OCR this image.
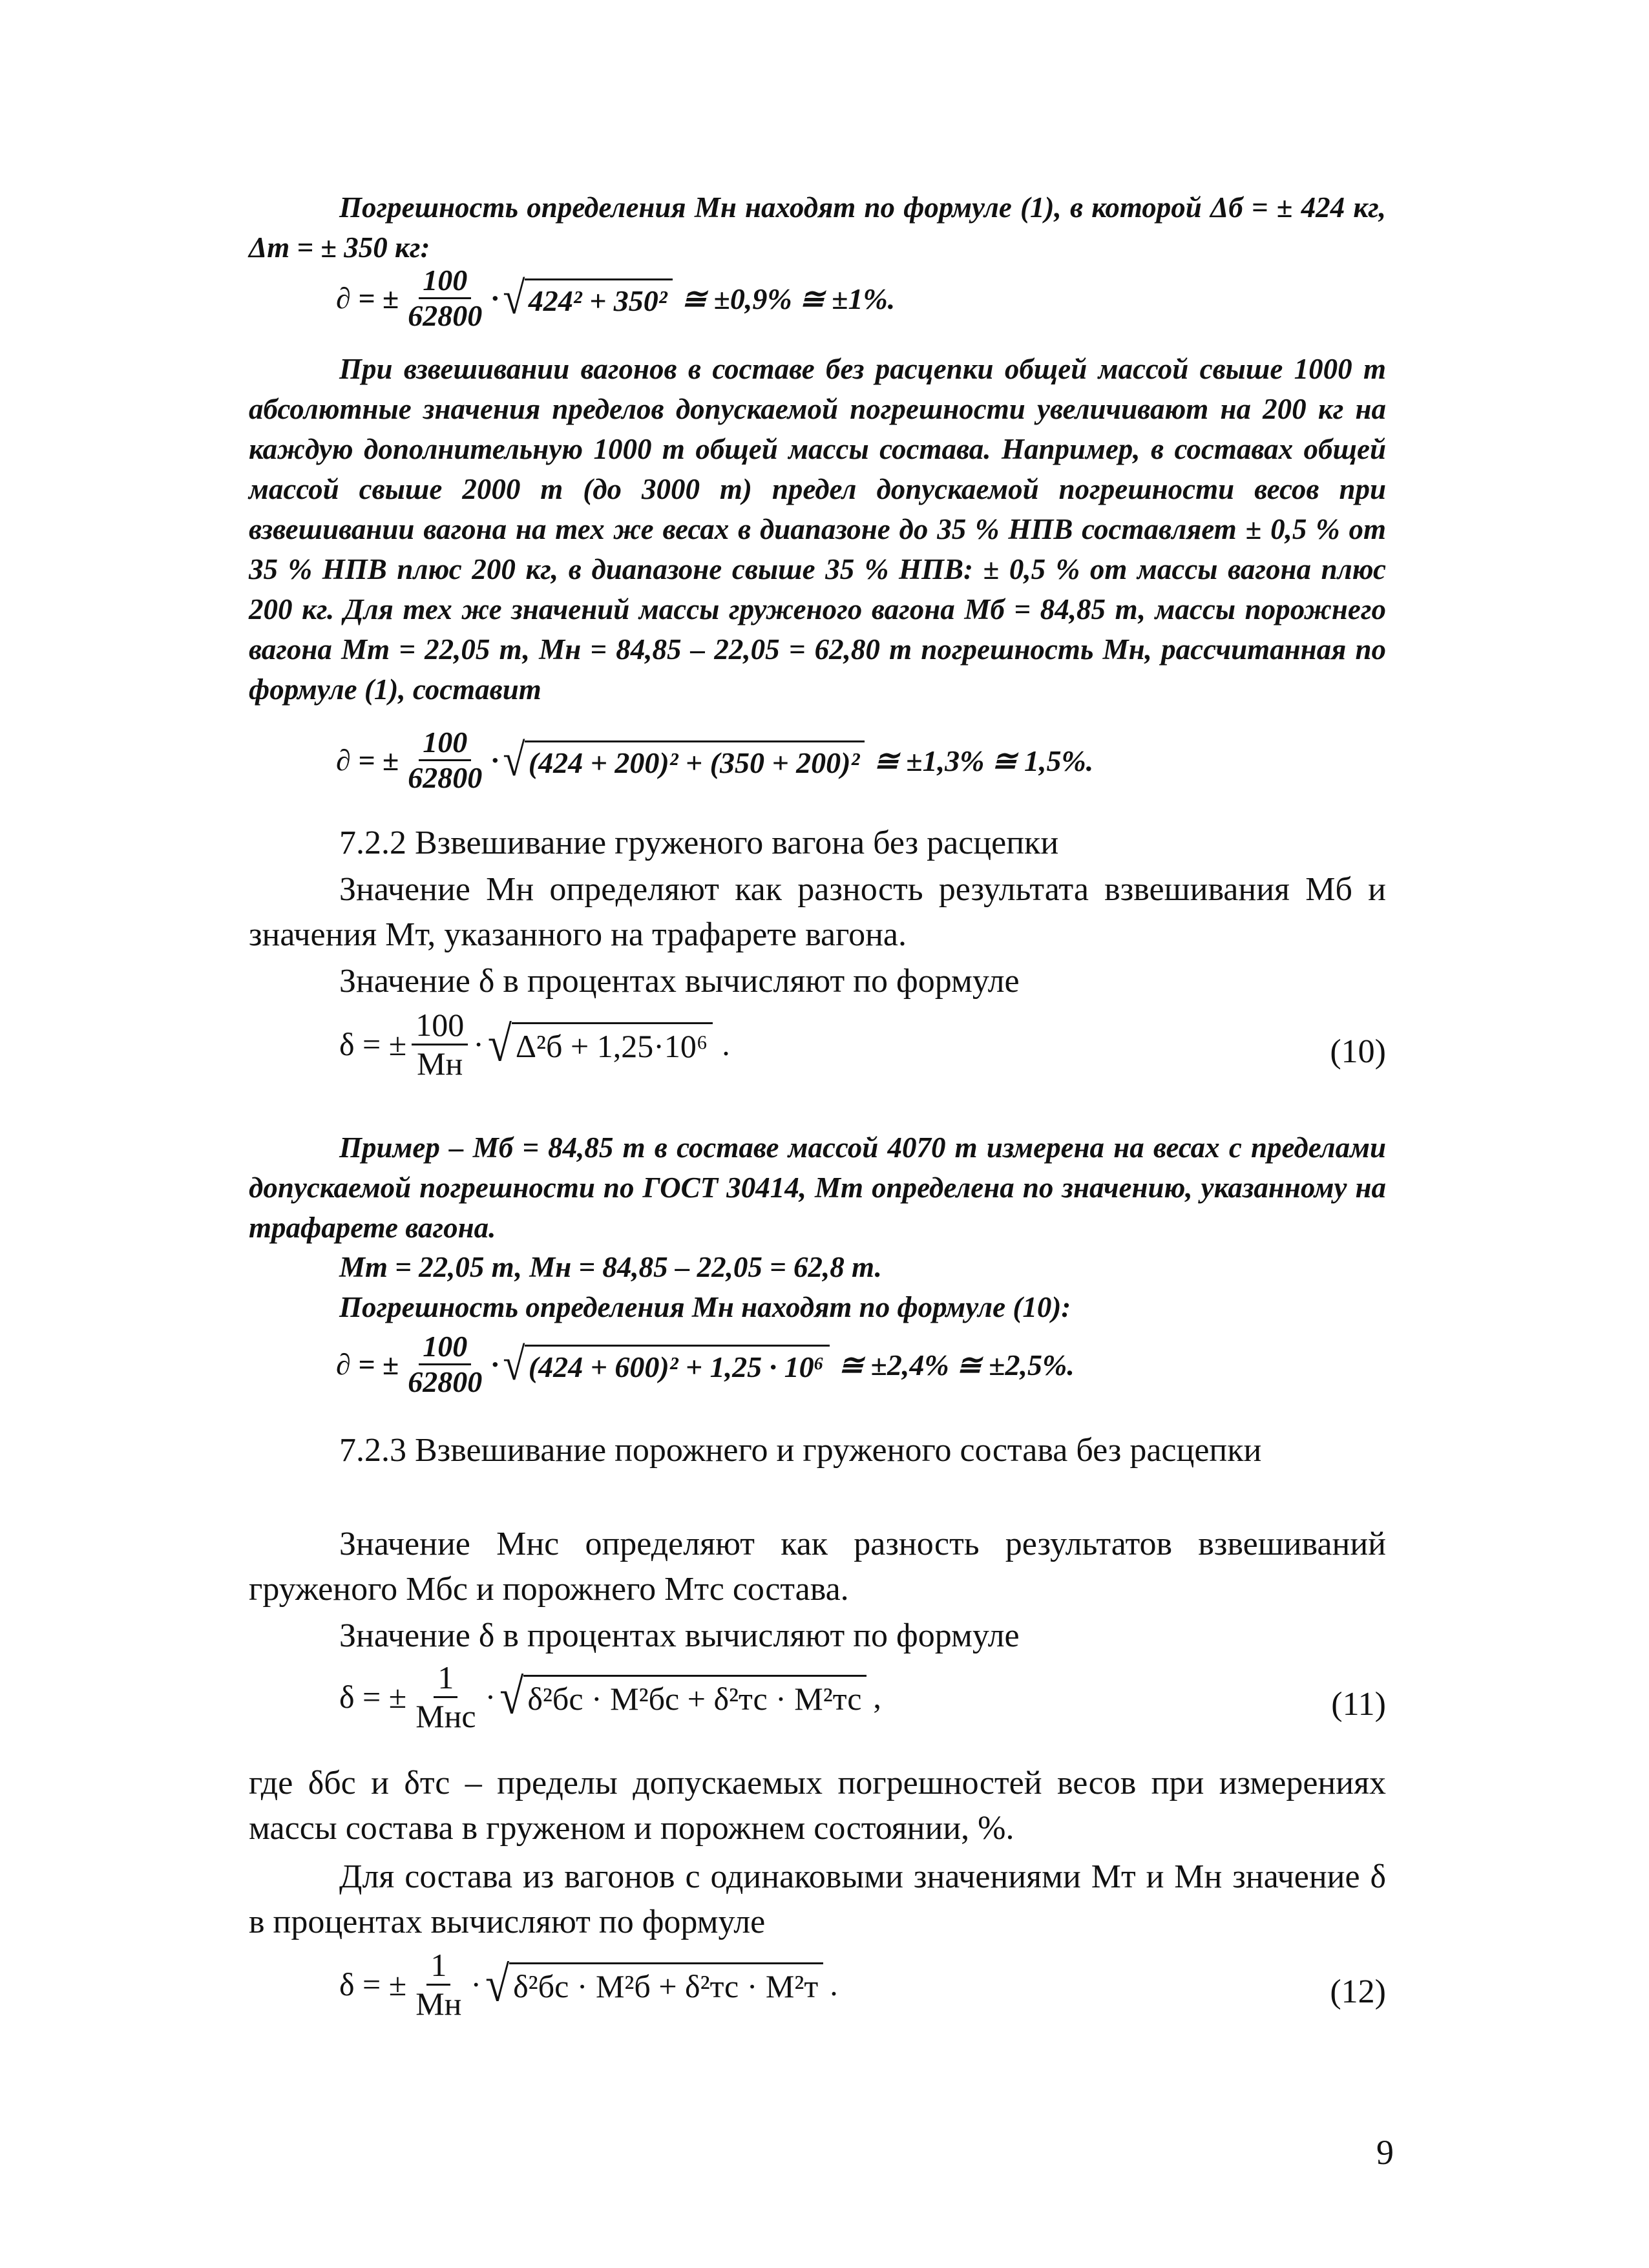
Погрешность определения Mн находят по формуле (1), в которой Δб = ± 424 кг, Δт = ± 350 кг:
∂ = ± $\frac{100}{62800}$ · √ 424² + 350² ≅ ±0,9% ≅ ±1%.
При взвешивании вагонов в составе без расцепки общей массой свыше 1000 т абсолютные значения пределов допускаемой погрешности увеличивают на 200 кг на каждую дополнительную 1000 т общей массы состава. Например, в составах общей массой свыше 2000 т (до 3000 т) предел допускаемой погрешности весов при взвешивании вагона на тех же весах в диапазоне до 35 % НПВ составляет ± 0,5 % от 35 % НПВ плюс 200 кг, в диапазоне свыше 35 % НПВ: ± 0,5 % от массы вагона плюс 200 кг. Для тех же значений массы груженого вагона Mб = 84,85 т, массы порожнего вагона Mт = 22,05 т, Mн = 84,85 – 22,05 = 62,80 т погрешность Mн, рассчитанная по формуле (1), составит
∂ = ± $\frac{100}{62800}$ · √ (424 + 200)² + (350 + 200)² ≅ ±1,3% ≅ 1,5%.
7.2.2 Взвешивание груженого вагона без расцепки
Значение Mн определяют как разность результата взвешивания Mб и значения Mт, указанного на трафарете вагона.
Значение δ в процентах вычисляют по формуле
δ = ± $\frac{100}{Mн}$ · √ Δ²б + 1,25·10⁶ .	(10)
Пример – Mб = 84,85 т в составе массой 4070 т измерена на весах с пределами допускаемой погрешности по ГОСТ 30414, Mт определена по значению, указанному на трафарете вагона.
Mт = 22,05 т, Mн = 84,85 – 22,05 = 62,8 т.
Погрешность определения Mн находят по формуле (10):
∂ = ± $\frac{100}{62800}$ · √ (424 + 600)² + 1,25 · 10⁶ ≅ ±2,4% ≅ ±2,5%.
7.2.3 Взвешивание порожнего и груженого состава без расцепки
Значение Mнс определяют как разность результатов взвешиваний груженого Mбс и порожнего Mтс состава.
Значение δ в процентах вычисляют по формуле
δ = ± $\frac{1}{\text{Mнс}}$ · √ δ²бс · M²бс + δ²тс · M²тс ,	(11)
где δбс и δтс – пределы допускаемых погрешностей весов при измерениях массы состава в груженом и порожнем состоянии, %.
Для состава из вагонов с одинаковыми значениями Mт и Mн значение δ в процентах вычисляют по формуле
δ = ± $\frac{1}{Mн}$ · √ δ²бс · M²б + δ²тс · M²т .	(12)
9
